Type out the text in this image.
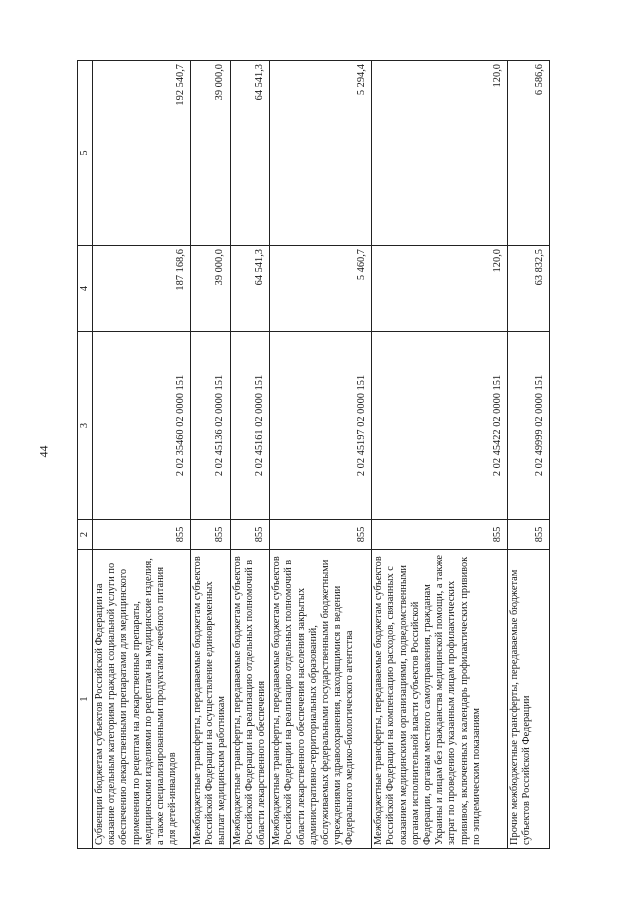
44
1	2	3	4	5
Субвенции бюджетам субъектов Российской Федерации на оказание отдельным категориям граждан социальной услуги по обеспечению лекарственными препаратами для медицинского применения по рецептам на лекарственные препараты, медицинскими изделиями по рецептам на медицинские изделия, а также специализированными продуктами лечебного питания для детей-инвалидов	855	2 02 35460 02 0000 151	187 168,6	192 540,7
Межбюджетные трансферты, передаваемые бюджетам субъектов Российской Федерации на осуществление единовременных выплат медицинским работникам	855	2 02 45136 02 0000 151	39 000,0	39 000,0
Межбюджетные трансферты, передаваемые бюджетам субъектов Российской Федерации на реализацию отдельных полномочий в области лекарственного обеспечения	855	2 02 45161 02 0000 151	64 541,3	64 541,3
Межбюджетные трансферты, передаваемые бюджетам субъектов Российской Федерации на реализацию отдельных полномочий в области лекарственного обеспечения населения закрытых административно-территориальных образований, обслуживаемых федеральными государственными бюджетными учреждениями здравоохранения, находящимися в ведении Федерального медико-биологического агентства	855	2 02 45197 02 0000 151	5 460,7	5 294,4
Межбюджетные трансферты, передаваемые бюджетам субъектов Российской Федерации на компенсацию расходов, связанных с оказанием медицинскими организациями, подведомственными органам исполнительной власти субъектов Российской Федерации, органам местного самоуправления, гражданам Украины и лицам без гражданства медицинской помощи, а также затрат по проведению указанным лицам профилактических прививок, включенных в календарь профилактических прививок по эпидемическим показаниям	855	2 02 45422 02 0000 151	120,0	120,0
Прочие межбюджетные трансферты, передаваемые бюджетам субъектов Российской Федерации	855	2 02 49999 02 0000 151	63 832,5	6 586,6
